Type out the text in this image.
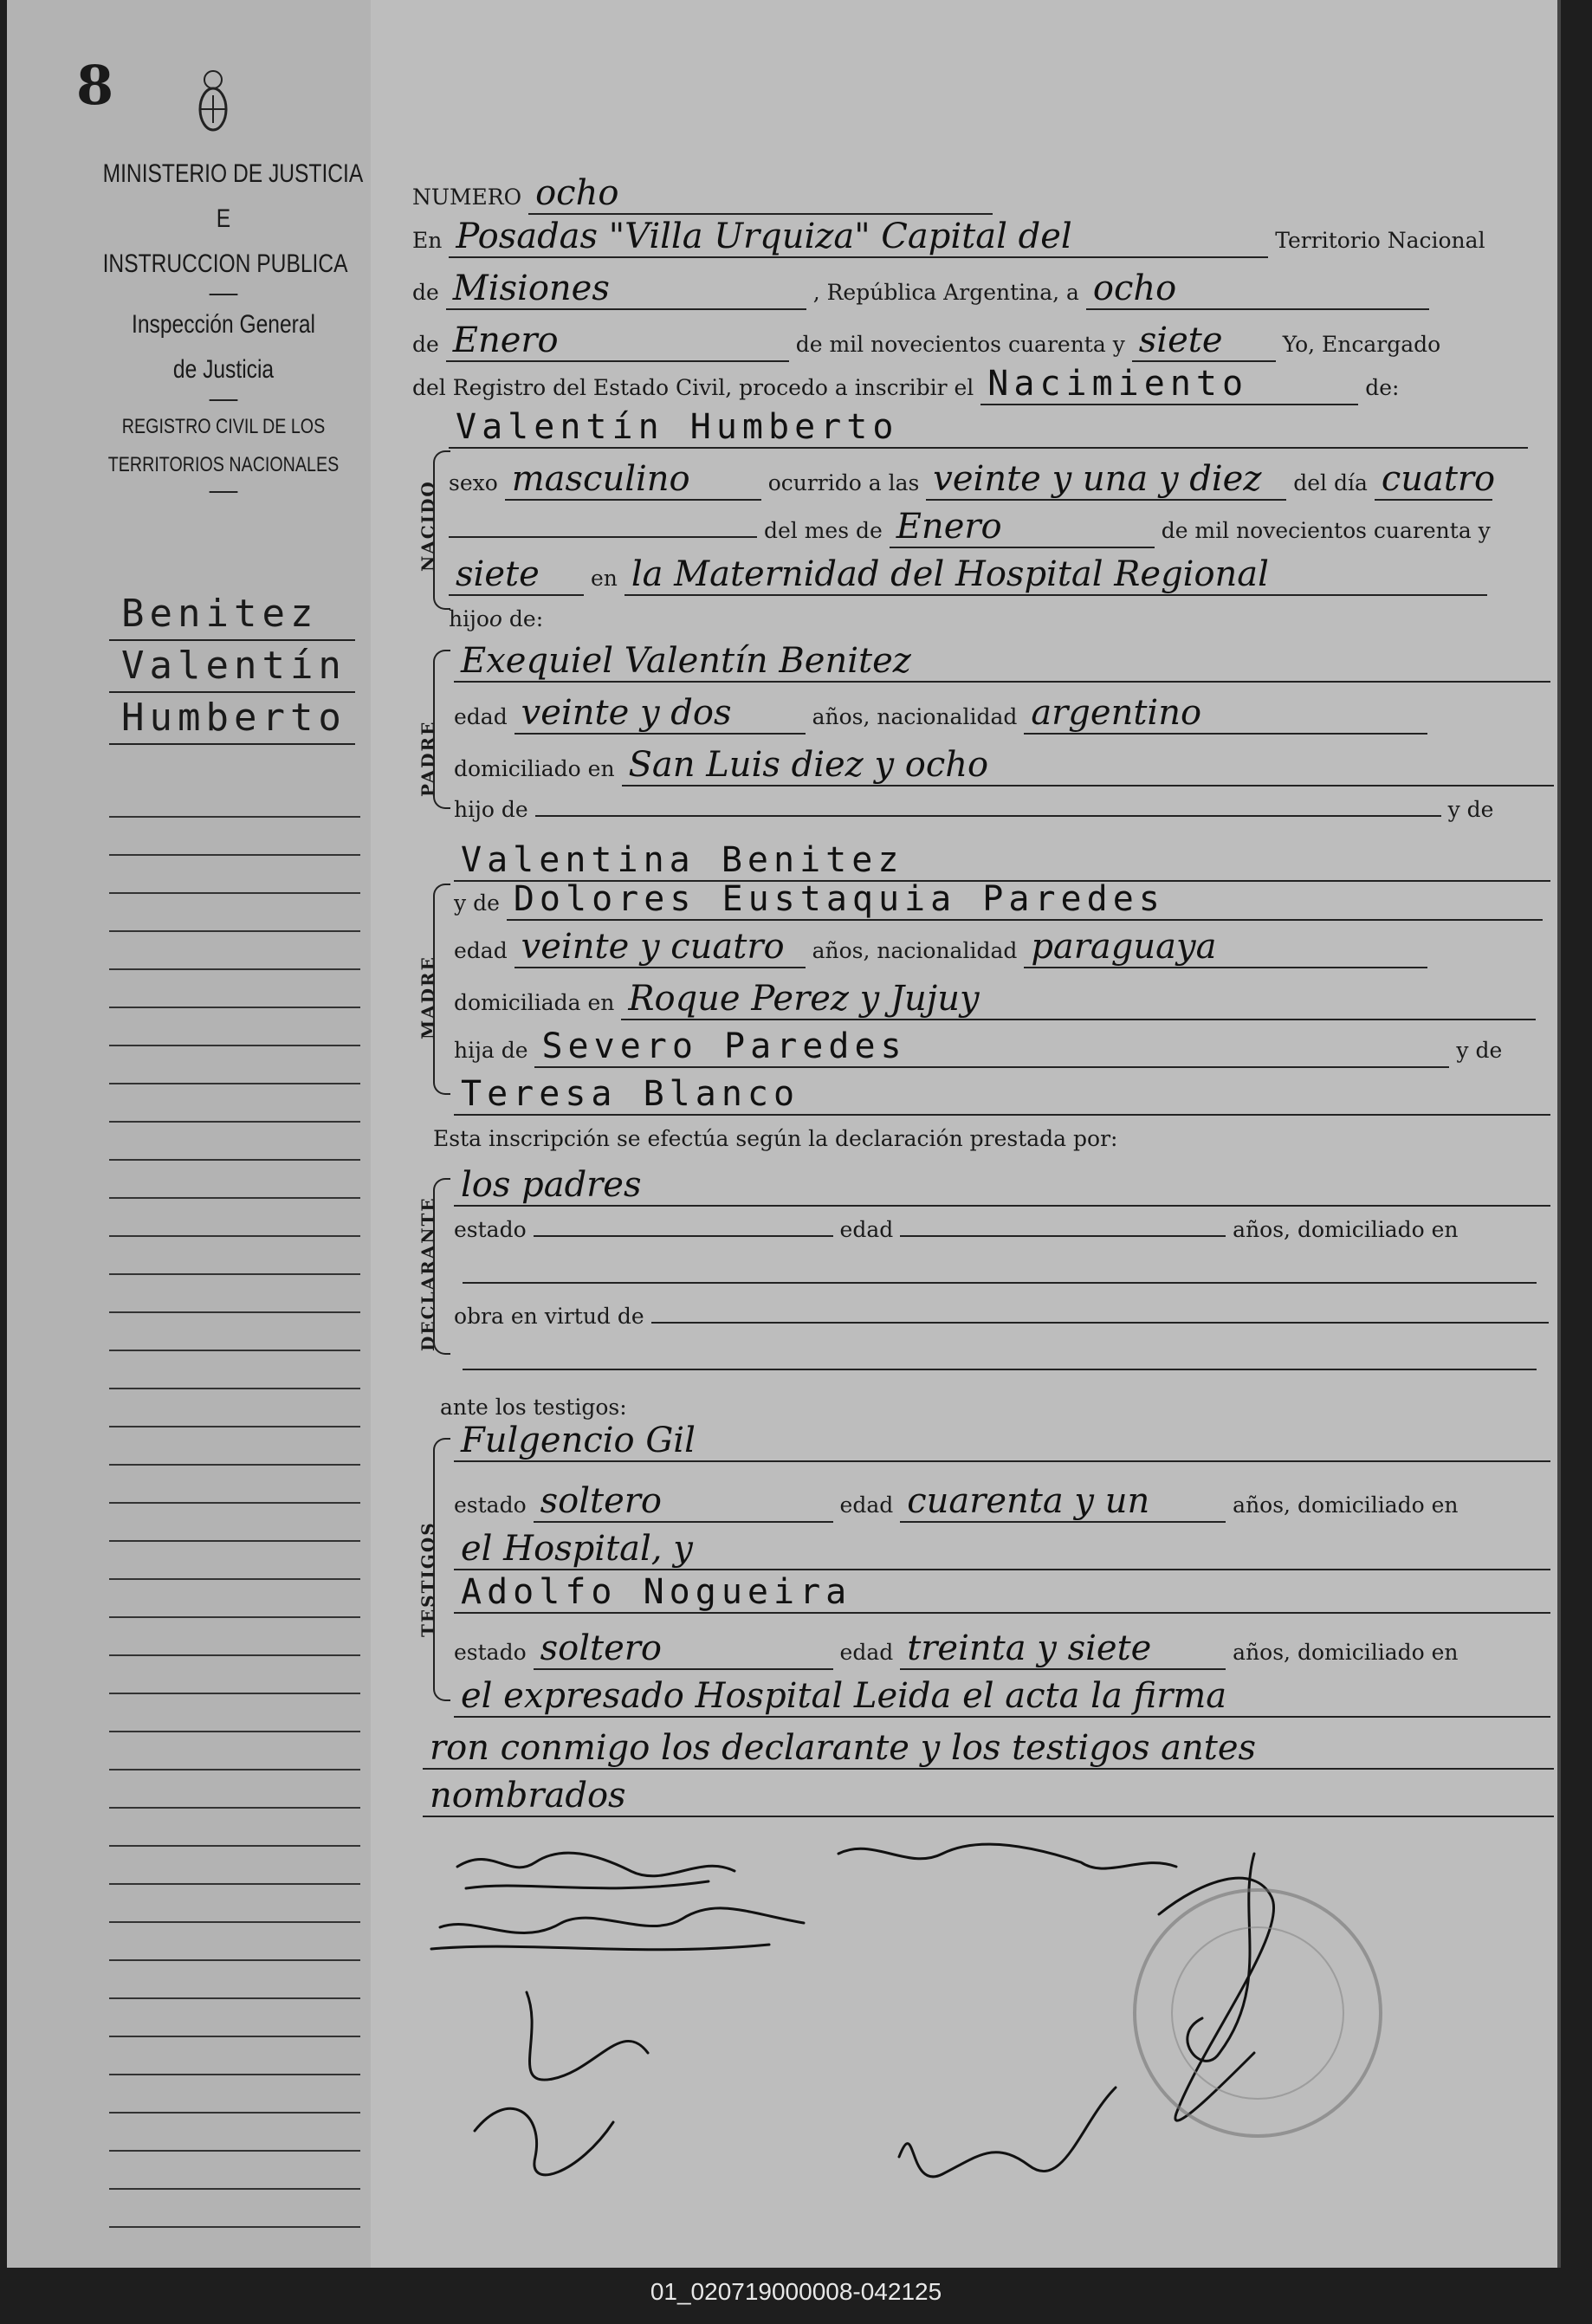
8
MINISTERIO DE JUSTICIA
E
INSTRUCCION PUBLICA
Inspección General
de Justicia
REGISTRO CIVIL DE LOS
TERRITORIOS NACIONALES
Benitez
Valentín
Humberto
NUMERO ocho
En Posadas "Villa Urquiza" Capital del	Territorio Nacional
de Misiones	, República Argentina, a ocho
de Enero	de mil novecientos cuarenta y siete	Yo, Encargado
del Registro del Estado Civil, procedo a inscribir el Nacimiento	de:
Valentín Humberto
NACIDO sexo masculino	ocurrido a las veinte y una y diez del día cuatro
del mes de Enero	de mil novecientos cuarenta y
siete en la Maternidad del Hospital Regional
hijoo de:
PADRE
Exequiel Valentín Benitez
edad veinte y dos	años, nacionalidad argentino
domiciliado en San Luis diez y ocho
hijo de	y de
Valentina Benitez
MADRE
y de Dolores Eustaquia Paredes
edad veinte y cuatro años, nacionalidad paraguaya
domiciliada en Roque Perez y Jujuy
hija de Severo Paredes	y de
Teresa Blanco
Esta inscripción se efectúa según la declaración prestada por:
DECLARANTE
los padres
estado	edad	años, domiciliado en
obra en virtud de
ante los testigos:
TESTIGOS
Fulgencio Gil
estado soltero	edad cuarenta y un	años, domiciliado en
el Hospital, y
Adolfo Nogueira
estado soltero	edad treinta y siete	años, domiciliado en
el expresado Hospital Leida el acta la firma
ron conmigo los declarante y los testigos antes
nombrados
01_020719000008-042125
